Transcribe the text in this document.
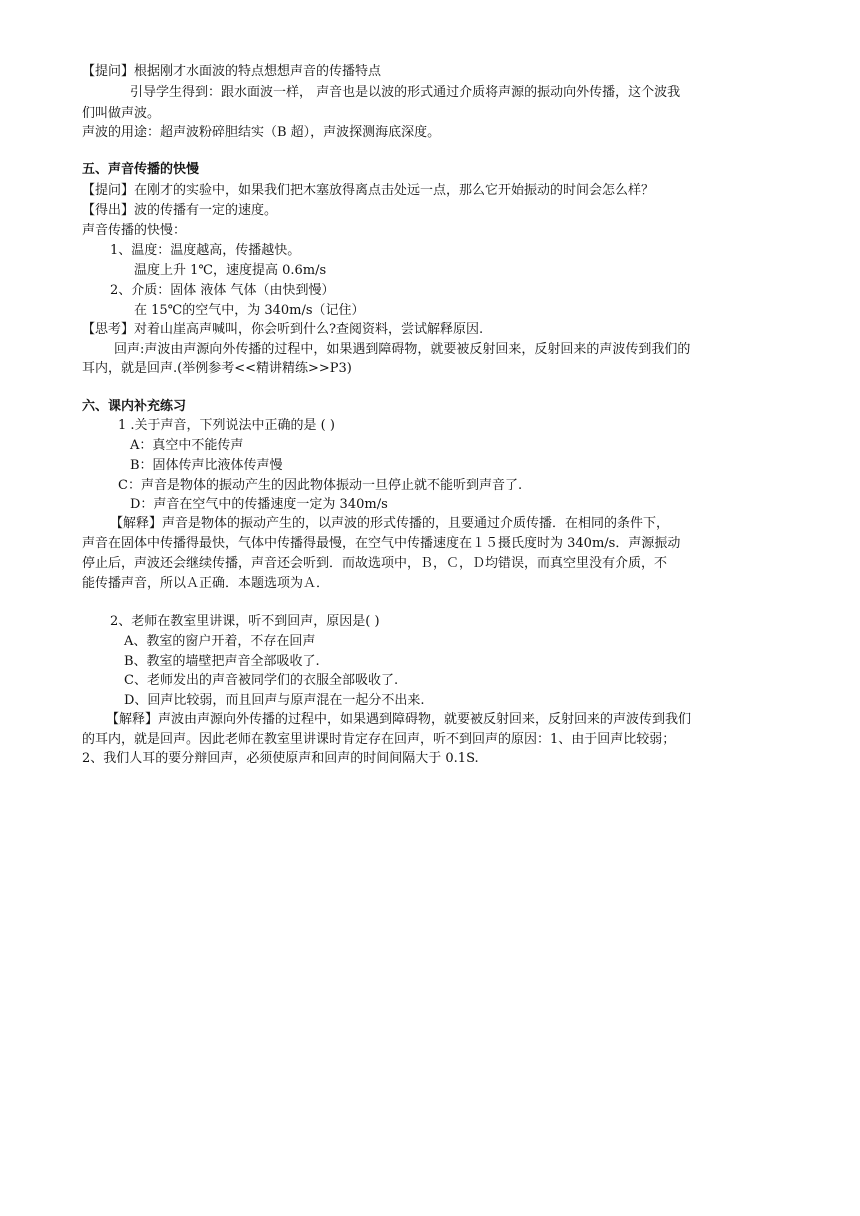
【提问】根据刚才水面波的特点想想声音的传播特点
引导学生得到：跟水面波一样， 声音也是以波的形式通过介质将声源的振动向外传播，这个波我
们叫做声波。
声波的用途：超声波粉碎胆结实（B 超），声波探测海底深度。
五、声音传播的快慢
【提问】在刚才的实验中，如果我们把木塞放得离点击处远一点，那么它开始振动的时间会怎么样？
【得出】波的传播有一定的速度。
声音传播的快慢：
1、温度：温度越高，传播越快。
温度上升 1℃，速度提高 0.6m/s
2、介质：固体 液体 气体（由快到慢）
在 15℃的空气中，为 340m/s（记住）
【思考】对着山崖高声喊叫，你会听到什么?查阅资料，尝试解释原因.
回声:声波由声源向外传播的过程中，如果遇到障碍物，就要被反射回来，反射回来的声波传到我们的
耳内，就是回声.(举例参考<<精讲精练>>P3)
六、课内补充练习
1 .关于声音，下列说法中正确的是 ( )
A：真空中不能传声
B：固体传声比液体传声慢
C：声音是物体的振动产生的因此物体振动一旦停止就不能听到声音了.
D：声音在空气中的传播速度一定为 340m/s
【解释】声音是物体的振动产生的，以声波的形式传播的，且要通过介质传播．在相同的条件下，
声音在固体中传播得最快，气体中传播得最慢，在空气中传播速度在１５摄氏度时为 340m/s．声源振动
停止后，声波还会继续传播，声音还会听到．而故选项中，Ｂ，Ｃ，Ｄ均错误，而真空里没有介质，不
能传播声音，所以Ａ正确．本题选项为Ａ．
2、老师在教室里讲课，听不到回声，原因是( )
A、教室的窗户开着，不存在回声
B、教室的墙壁把声音全部吸收了.
C、老师发出的声音被同学们的衣服全部吸收了.
D、回声比较弱，而且回声与原声混在一起分不出来.
【解释】声波由声源向外传播的过程中，如果遇到障碍物，就要被反射回来，反射回来的声波传到我们
的耳内，就是回声。因此老师在教室里讲课时肯定存在回声，听不到回声的原因：1、由于回声比较弱；
2、我们人耳的要分辩回声，必须使原声和回声的时间间隔大于 0.1S.
